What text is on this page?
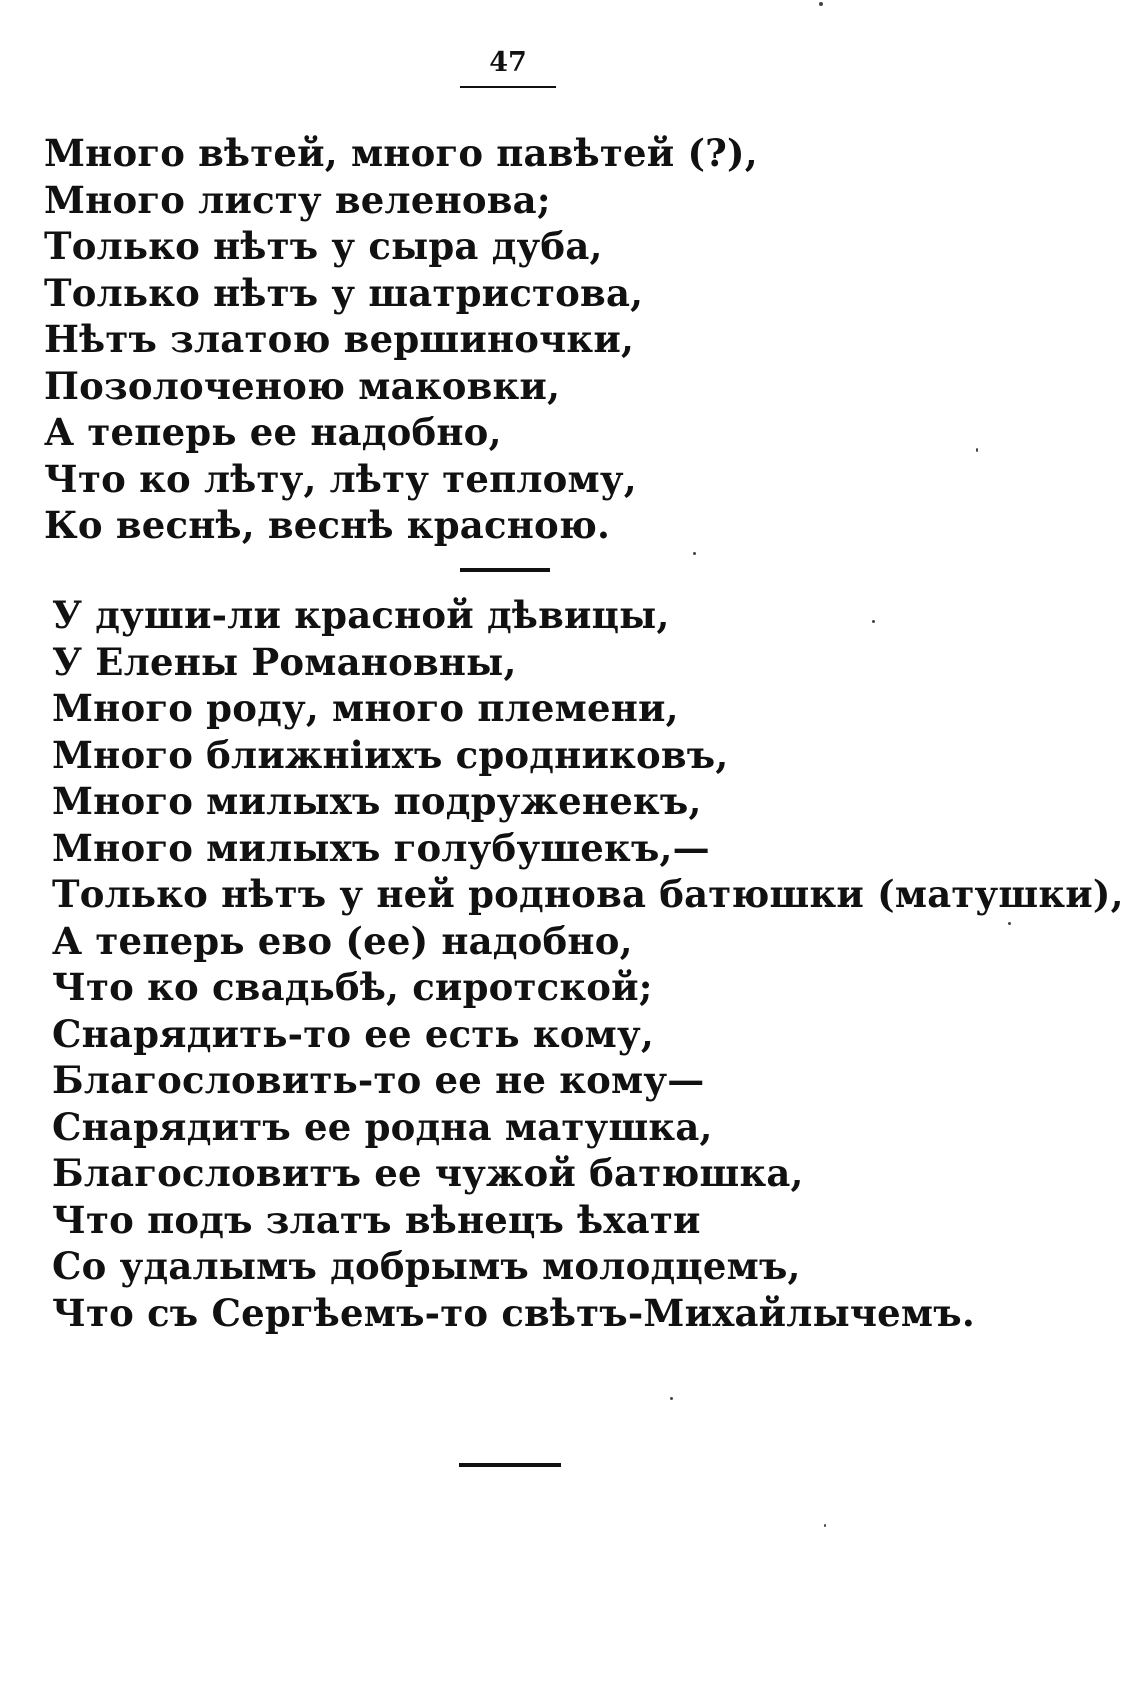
47
Много вѣтей, много павѣтей (?),
Много листу веленова;
Только нѣтъ у сыра дуба,
Только нѣтъ у шатристова,
Нѣтъ златою вершиночки,
Позолоченою маковки,
А теперь ее надобно,
Что ко лѣту, лѣту теплому,
Ко веснѣ, веснѣ красною.
У души-ли красной дѣвицы,
У Елены Романовны,
Много роду, много племени,
Много ближніихъ сродниковъ,
Много милыхъ подруженекъ,
Много милыхъ голубушекъ,—
Только нѣтъ у ней роднова батюшки (матушки),
А теперь ево (ее) надобно,
Что ко свадьбѣ, сиротской;
Снарядить-то ее есть кому,
Благословить-то ее не кому—
Снарядитъ ее родна матушка,
Благословитъ ее чужой батюшка,
Что подъ златъ вѣнецъ ѣхати
Со удалымъ добрымъ молодцемъ,
Что съ Сергѣемъ-то свѣтъ-Михайлычемъ.
